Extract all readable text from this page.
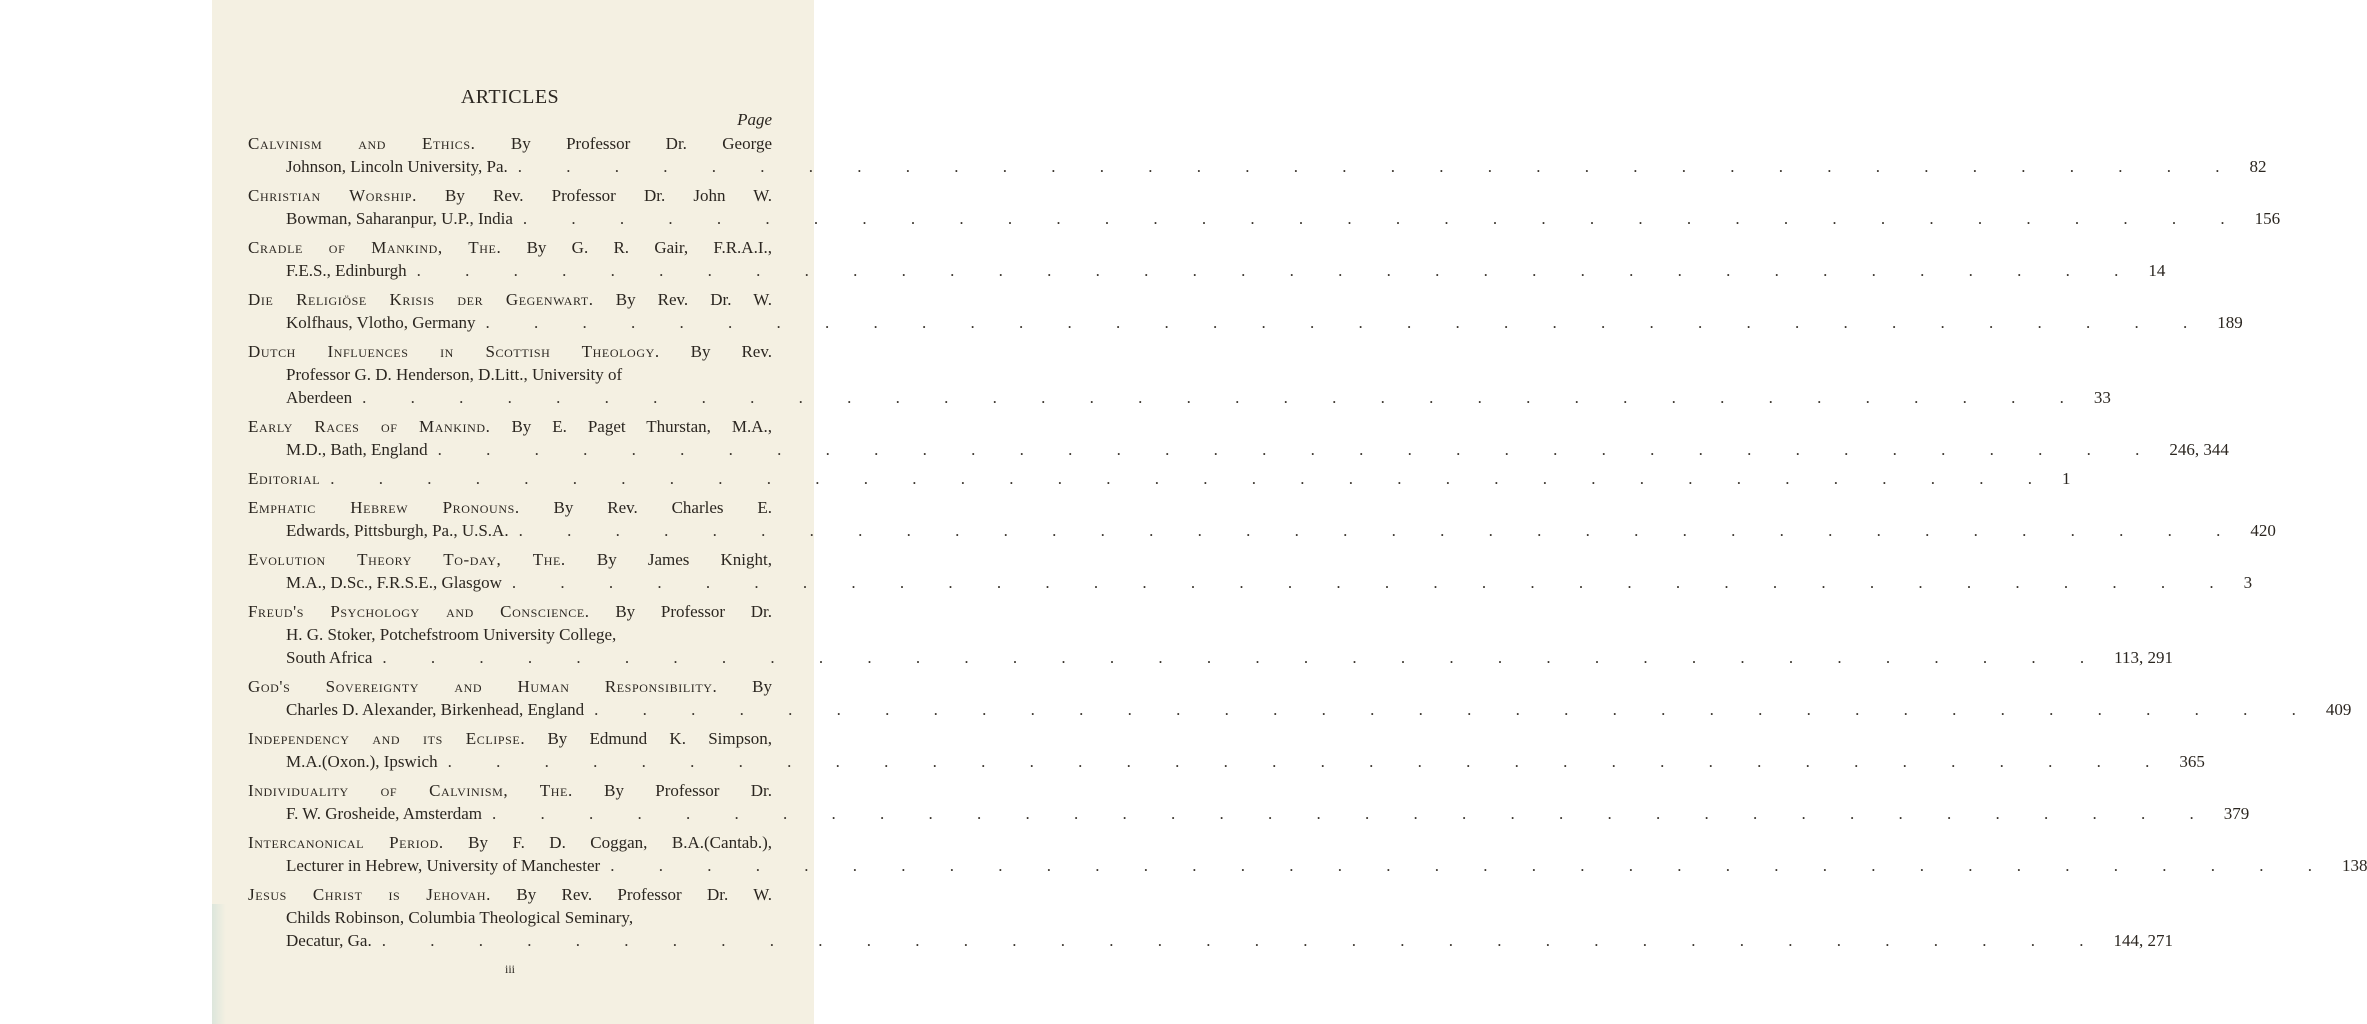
ARTICLES
Page
Calvinism and Ethics. By Professor Dr. George
Johnson, Lincoln University, Pa. . . . . . . . . . . . . . . . . . . . . . . . . . . . . . . . . . . . . 82
Christian Worship. By Rev. Professor Dr. John W.
Bowman, Saharanpur, U.P., India . . . . . . . . . . . . . . . . . . . . . . . . . . . . . . . . . . . . 156
Cradle of Mankind, The. By G. R. Gair, F.R.A.I.,
F.E.S., Edinburgh . . . . . . . . . . . . . . . . . . . . . . . . . . . . . . . . . . . . 14
Die Religiöse Krisis der Gegenwart. By Rev. Dr. W.
Kolfhaus, Vlotho, Germany . . . . . . . . . . . . . . . . . . . . . . . . . . . . . . . . . . . . 189
Dutch Influences in Scottish Theology. By Rev.
Professor G. D. Henderson, D.Litt., University of
Aberdeen . . . . . . . . . . . . . . . . . . . . . . . . . . . . . . . . . . . . 33
Early Races of Mankind. By E. Paget Thurstan, M.A.,
M.D., Bath, England . . . . . . . . . . . . . . . . . . . . . . . . . . . . . . . . . . . . 246, 344
Editorial . . . . . . . . . . . . . . . . . . . . . . . . . . . . . . . . . . . . 1
Emphatic Hebrew Pronouns. By Rev. Charles E.
Edwards, Pittsburgh, Pa., U.S.A. . . . . . . . . . . . . . . . . . . . . . . . . . . . . . . . . . . . . 420
Evolution Theory To-day, The. By James Knight,
M.A., D.Sc., F.R.S.E., Glasgow . . . . . . . . . . . . . . . . . . . . . . . . . . . . . . . . . . . . 3
Freud's Psychology and Conscience. By Professor Dr.
H. G. Stoker, Potchefstroom University College,
South Africa . . . . . . . . . . . . . . . . . . . . . . . . . . . . . . . . . . . . 113, 291
God's Sovereignty and Human Responsibility. By
Charles D. Alexander, Birkenhead, England . . . . . . . . . . . . . . . . . . . . . . . . . . . . . . . . . . . . 409
Independency and its Eclipse. By Edmund K. Simpson,
M.A.(Oxon.), Ipswich . . . . . . . . . . . . . . . . . . . . . . . . . . . . . . . . . . . . 365
Individuality of Calvinism, The. By Professor Dr.
F. W. Grosheide, Amsterdam . . . . . . . . . . . . . . . . . . . . . . . . . . . . . . . . . . . . 379
Intercanonical Period. By F. D. Coggan, B.A.(Cantab.),
Lecturer in Hebrew, University of Manchester . . . . . . . . . . . . . . . . . . . . . . . . . . . . . . . . . . . . 138
Jesus Christ is Jehovah. By Rev. Professor Dr. W.
Childs Robinson, Columbia Theological Seminary,
Decatur, Ga. . . . . . . . . . . . . . . . . . . . . . . . . . . . . . . . . . . . . 144, 271
iii
